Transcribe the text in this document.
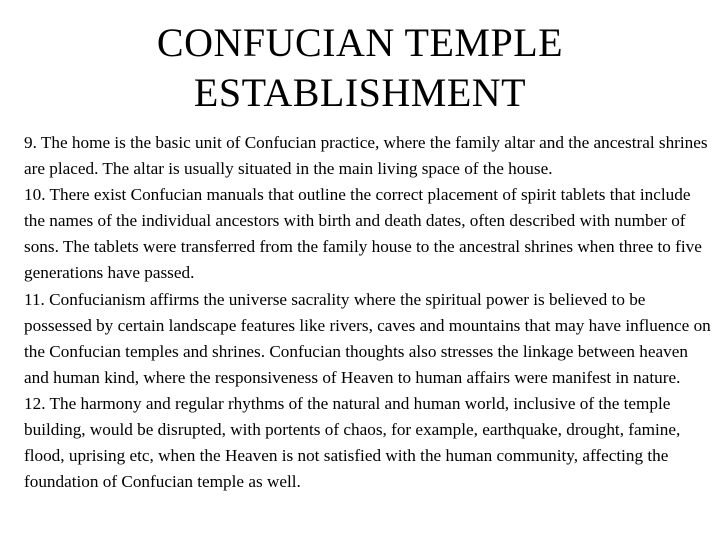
CONFUCIAN TEMPLE
ESTABLISHMENT

9. The home is the basic unit of Confucian practice, where the family altar and the ancestral shrines are placed. The altar is usually situated in the main living space of the house.

10. There exist Confucian manuals that outline the correct placement of spirit tablets that include the names of the individual ancestors with birth and death dates, often described with number of sons. The tablets were transferred from the family house to the ancestral shrines when three to five generations have passed.

11. Confucianism affirms the universe sacrality where the spiritual power is believed to be possessed by certain landscape features like rivers, caves and mountains that may have influence on the Confucian temples and shrines. Confucian thoughts also stresses the linkage between heaven and human kind, where the responsiveness of Heaven to human affairs were manifest in nature.

12. The harmony and regular rhythms of the natural and human world, inclusive of the temple building, would be disrupted, with portents of chaos, for example, earthquake, drought, famine, flood, uprising etc, when the Heaven is not satisfied with the human community, affecting the foundation of Confucian temple as well.
